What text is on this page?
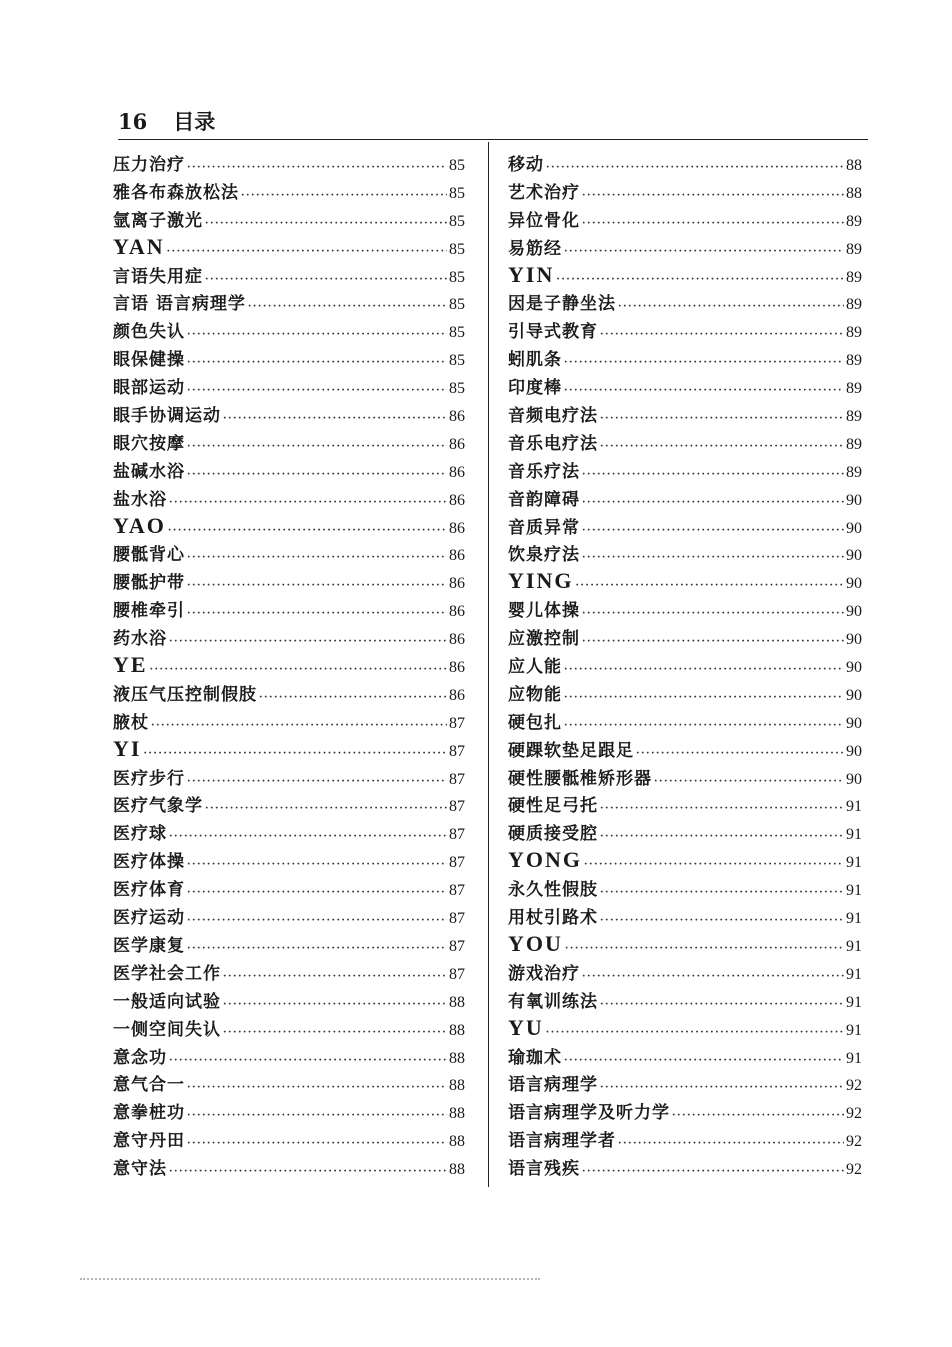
16 目录
压力治疗 ·····	85
雅各布森放松法 ·····	85
氩离子激光 ·····	85
YAN ·····	85
言语失用症 ·····	85
言语 语言病理学 ·····	85
颜色失认 ·····	85
眼保健操 ·····	85
眼部运动 ·····	85
眼手协调运动 ·····	86
眼穴按摩 ·····	86
盐碱水浴 ·····	86
盐水浴 ·····	86
YAO ·····	86
腰骶背心 ·····	86
腰骶护带 ·····	86
腰椎牵引 ·····	86
药水浴 ·····	86
YE ·····	86
液压气压控制假肢 ·····	86
腋杖 ·····	87
YI ·····	87
医疗步行 ·····	87
医疗气象学 ·····	87
医疗球 ·····	87
医疗体操 ·····	87
医疗体育 ·····	87
医疗运动 ·····	87
医学康复 ·····	87
医学社会工作 ·····	87
一般适向试验 ·····	88
一侧空间失认 ·····	88
意念功 ·····	88
意气合一 ·····	88
意拳桩功 ·····	88
意守丹田 ·····	88
意守法 ·····	88
移动 ·····	88
艺术治疗 ·····	88
异位骨化 ·····	89
易筋经 ·····	89
YIN ·····	89
因是子静坐法 ·····	89
引导式教育 ·····	89
蚓肌条 ·····	89
印度棒 ·····	89
音频电疗法 ·····	89
音乐电疗法 ·····	89
音乐疗法 ·····	89
音韵障碍 ·····	90
音质异常 ·····	90
饮泉疗法 ·····	90
YING ·····	90
婴儿体操 ·····	90
应激控制 ·····	90
应人能 ·····	90
应物能 ·····	90
硬包扎 ·····	90
硬踝软垫足跟足 ·····	90
硬性腰骶椎矫形器 ·····	90
硬性足弓托 ·····	91
硬质接受腔 ·····	91
YONG ·····	91
永久性假肢 ·····	91
用杖引路术 ·····	91
YOU ·····	91
游戏治疗 ·····	91
有氧训练法 ·····	91
YU ·····	91
瑜珈术 ·····	91
语言病理学 ·····	92
语言病理学及听力学 ·····	92
语言病理学者 ·····	92
语言残疾 ·····	92
